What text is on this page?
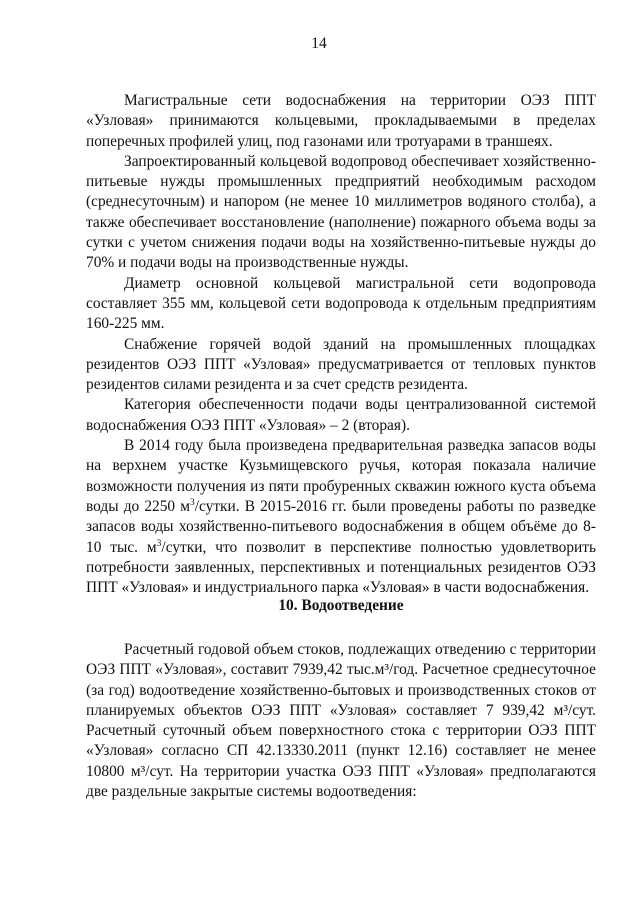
14

Магистральные сети водоснабжения на территории ОЭЗ ППТ «Узловая» принимаются кольцевыми, прокладываемыми в пределах поперечных профилей улиц, под газонами или тротуарами в траншеях.

Запроектированный кольцевой водопровод обеспечивает хозяйственно-питьевые нужды промышленных предприятий необходимым расходом (среднесуточным) и напором (не менее 10 миллиметров водяного столба), а также обеспечивает восстановление (наполнение) пожарного объема воды за сутки с учетом снижения подачи воды на хозяйственно-питьевые нужды до 70% и подачи воды на производственные нужды.

Диаметр основной кольцевой магистральной сети водопровода составляет 355 мм, кольцевой сети водопровода к отдельным предприятиям 160-225 мм.

Снабжение горячей водой зданий на промышленных площадках резидентов ОЭЗ ППТ «Узловая» предусматривается от тепловых пунктов резидентов силами резидента и за счет средств резидента.

Категория обеспеченности подачи воды централизованной системой водоснабжения ОЭЗ ППТ «Узловая» – 2 (вторая).

В 2014 году была произведена предварительная разведка запасов воды на верхнем участке Кузьмищевского ручья, которая показала наличие возможности получения из пяти пробуренных скважин южного куста объема воды до 2250 $м^3$/сутки. В 2015-2016 гг. были проведены работы по разведке запасов воды хозяйственно-питьевого водоснабжения в общем объёме до 8-10 тыс. $м^3$/сутки, что позволит в перспективе полностью удовлетворить потребности заявленных, перспективных и потенциальных резидентов ОЭЗ ППТ «Узловая» и индустриального парка «Узловая» в части водоснабжения.

10. Водоотведение

Расчетный годовой объем стоков, подлежащих отведению с территории ОЭЗ ППТ «Узловая», составит 7939,42 тыс.м³/год. Расчетное среднесуточное (за год) водоотведение хозяйственно-бытовых и производственных стоков от планируемых объектов ОЭЗ ППТ «Узловая» составляет 7 939,42 м³/сут. Расчетный суточный объем поверхностного стока с территории ОЭЗ ППТ «Узловая» согласно СП 42.13330.2011 (пункт 12.16) составляет не менее 10800 м³/сут. На территории участка ОЭЗ ППТ «Узловая» предполагаются две раздельные закрытые системы водоотведения:
